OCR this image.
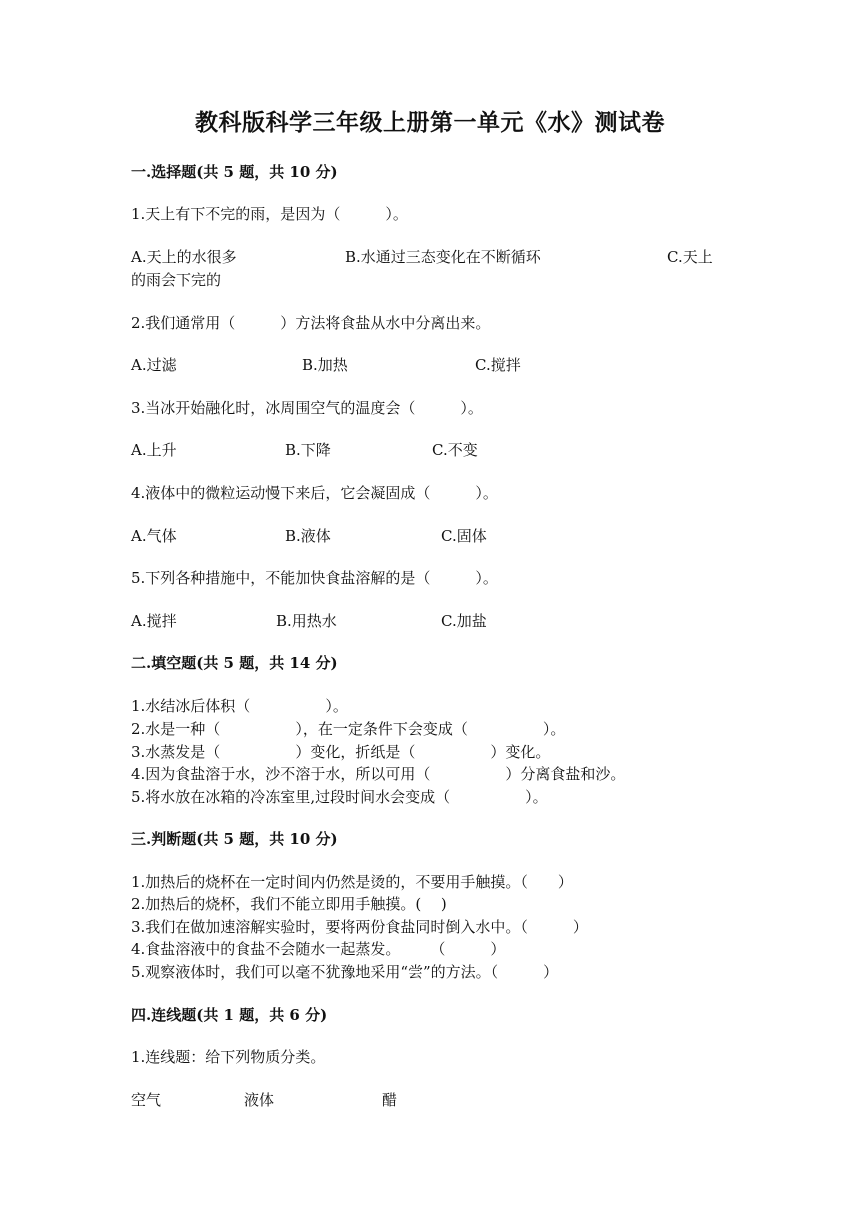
教科版科学三年级上册第一单元《水》测试卷
一.选择题(共 5 题，共 10 分)
1.天上有下不完的雨，是因为（　　　）。
A.天上的水很多	B.水通过三态变化在不断循环	C.天上
的雨会下完的
2.我们通常用（　　　）方法将食盐从水中分离出来。
A.过滤	B.加热	C.搅拌
3.当冰开始融化时，冰周围空气的温度会（　　　）。
A.上升	B.下降	C.不变
4.液体中的微粒运动慢下来后，它会凝固成（　　　）。
A.气体	B.液体	C.固体
5.下列各种措施中，不能加快食盐溶解的是（　　　）。
A.搅拌	B.用热水	C.加盐
二.填空题(共 5 题，共 14 分)
1.水结冰后体积（　　　　　）。
2.水是一种（　　　　　），在一定条件下会变成（　　　　　）。
3.水蒸发是（　　　　　）变化，折纸是（　　　　　）变化。
4.因为食盐溶于水，沙不溶于水，所以可用（　　　　　）分离食盐和沙。
5.将水放在冰箱的冷冻室里,过段时间水会变成（　　　　　）。
三.判断题(共 5 题，共 10 分)
1.加热后的烧杯在一定时间内仍然是烫的，不要用手触摸。（　　）
2.加热后的烧杯，我们不能立即用手触摸。(　 )
3.我们在做加速溶解实验时，要将两份食盐同时倒入水中。（　　　）
4.食盐溶液中的食盐不会随水一起蒸发。　　　（　　　）
5.观察液体时，我们可以毫不犹豫地采用“尝”的方法。（　　　）
四.连线题(共 1 题，共 6 分)
1.连线题：给下列物质分类。
空气	液体	醋
